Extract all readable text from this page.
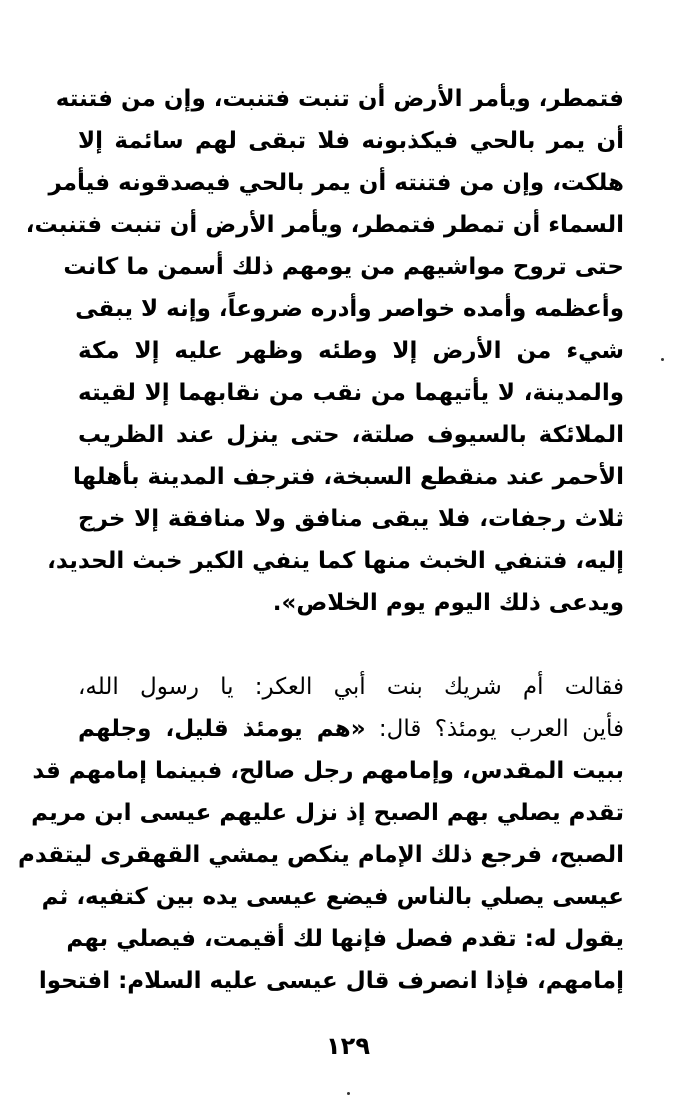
فتمطر، ويأمر الأرض أن تنبت فتنبت، وإن من فتنته
أن يمر بالحي فيكذبونه فلا تبقى لهم سائمة إلا
هلكت، وإن من فتنته أن يمر بالحي فيصدقونه فيأمر
السماء أن تمطر فتمطر، ويأمر الأرض أن تنبت فتنبت،
حتى تروح مواشيهم من يومهم ذلك أسمن ما كانت
وأعظمه وأمده خواصر وأدره ضروعاً، وإنه لا يبقى
شيء من الأرض إلا وطئه وظهر عليه إلا مكة
والمدينة، لا يأتيهما من نقب من نقابهما إلا لقيته
الملائكة بالسيوف صلتة، حتى ينزل عند الظريب
الأحمر عند منقطع السبخة، فترجف المدينة بأهلها
ثلاث رجفات، فلا يبقى منافق ولا منافقة إلا خرج
إليه، فتنفي الخبث منها كما ينفي الكير خبث الحديد،
ويدعى ذلك اليوم يوم الخلاص».
فقالت أم شريك بنت أبي العكر: يا رسول الله،
فأين العرب يومئذ؟ قال: «هم يومئذ قليل، وجلهم
ببيت المقدس، وإمامهم رجل صالح، فبينما إمامهم قد
تقدم يصلي بهم الصبح إذ نزل عليهم عيسى ابن مريم
الصبح، فرجع ذلك الإمام ينكص يمشي القهقرى ليتقدم
عيسى يصلي بالناس فيضع عيسى يده بين كتفيه، ثم
يقول له: تقدم فصل فإنها لك أقيمت، فيصلي بهم
إمامهم، فإذا انصرف قال عيسى عليه السلام: افتحوا
١٢٩
